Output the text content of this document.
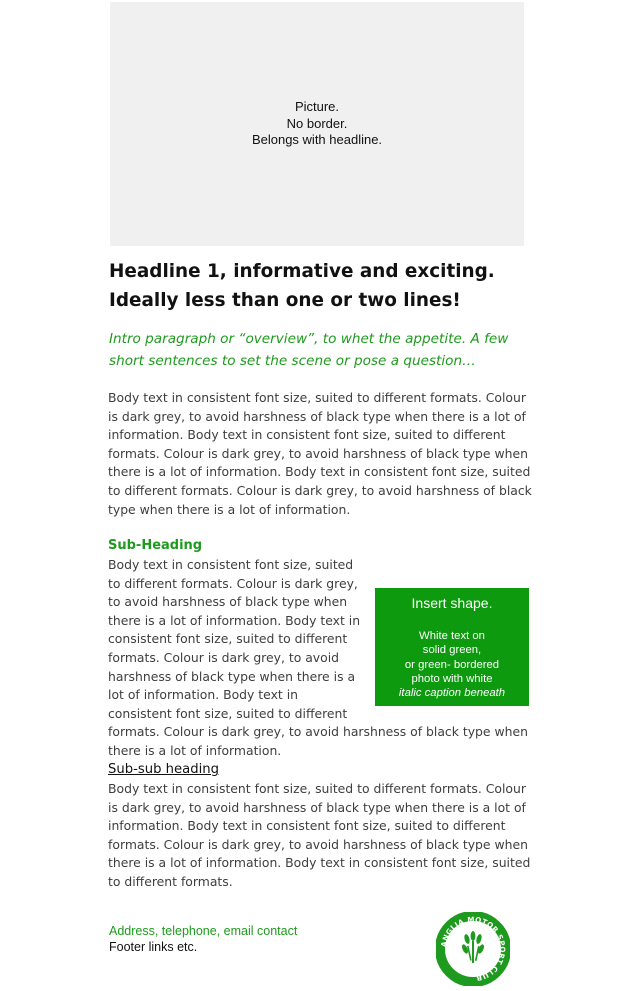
Picture.
No border.
Belongs with headline.
Headline 1, informative and exciting.
Ideally less than one or two lines!

Intro paragraph or “overview”, to whet the appetite. A few short sentences to set the scene or pose a question…

Body text in consistent font size, suited to different formats. Colour is dark grey, to avoid harshness of black type when there is a lot of information. Body text in consistent font size, suited to different formats. Colour is dark grey, to avoid harshness of black type when there is a lot of information. Body text in consistent font size, suited to different formats. Colour is dark grey, to avoid harshness of black type when there is a lot of information.

Sub-Heading
Insert shape.
White text on
solid green,
or green- bordered
photo with white
italic caption beneath
Body text in consistent font size, suited to different formats. Colour is dark grey, to avoid harshness of black type when there is a lot of information. Body text in consistent font size, suited to different formats. Colour is dark grey, to avoid harshness of black type when there is a lot of information. Body text in consistent font size, suited to different formats. Colour is dark grey, to avoid harshness of black type when there is a lot of information.
Sub-sub heading

Body text in consistent font size, suited to different formats. Colour is dark grey, to avoid harshness of black type when there is a lot of information. Body text in consistent font size, suited to different formats. Colour is dark grey, to avoid harshness of black type when there is a lot of information. Body text in consistent font size, suited to different formats.

Address, telephone, email contact
Footer links etc.	ANGLIA MOTOR SPORT CLUB
